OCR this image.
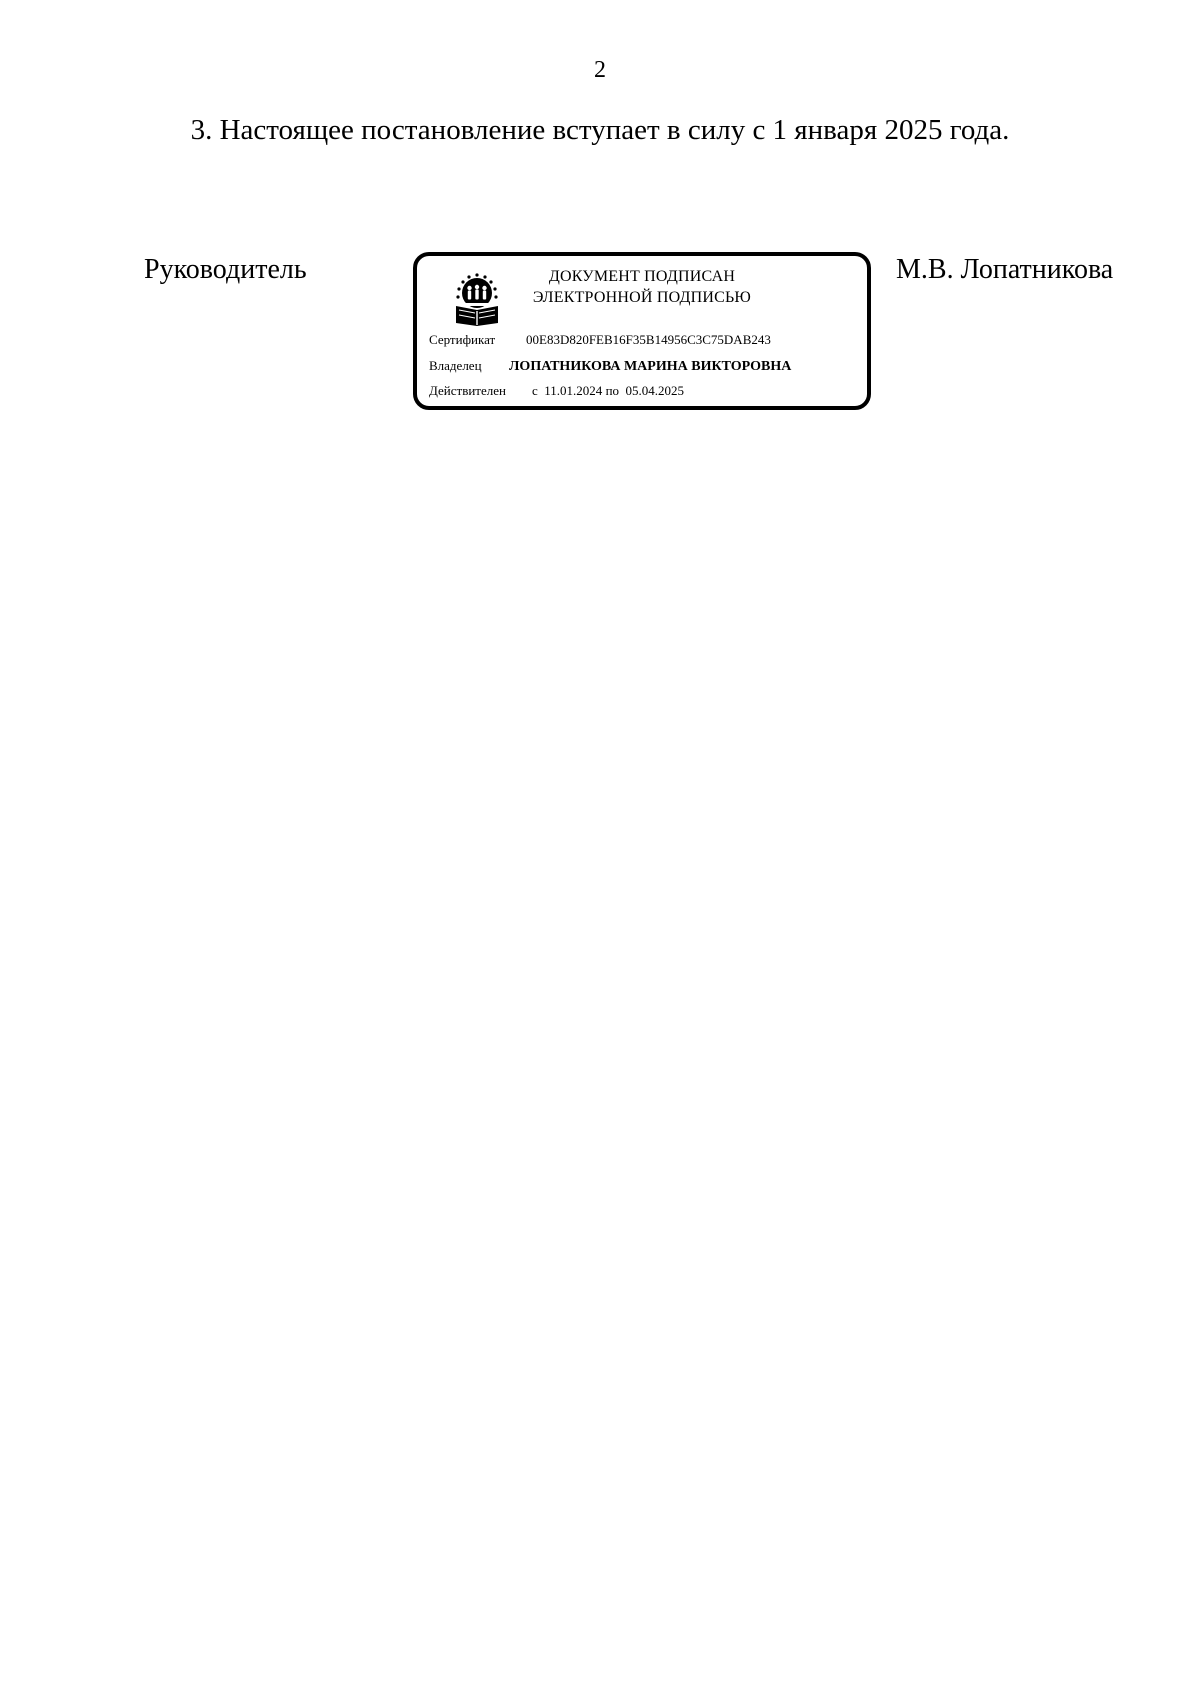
2
3. Настоящее постановление вступает в силу с 1 января 2025 года.
Руководитель	ДОКУМЕНТ ПОДПИСАН
ЭЛЕКТРОННОЙ ПОДПИСЬЮ
Сертификат 00E83D820FEB16F35B14956C3C75DAB243
Владелец ЛОПАТНИКОВА МАРИНА ВИКТОРОВНА
Действителен с 11.01.2024 по 05.04.2025
М.В. Лопатникова
